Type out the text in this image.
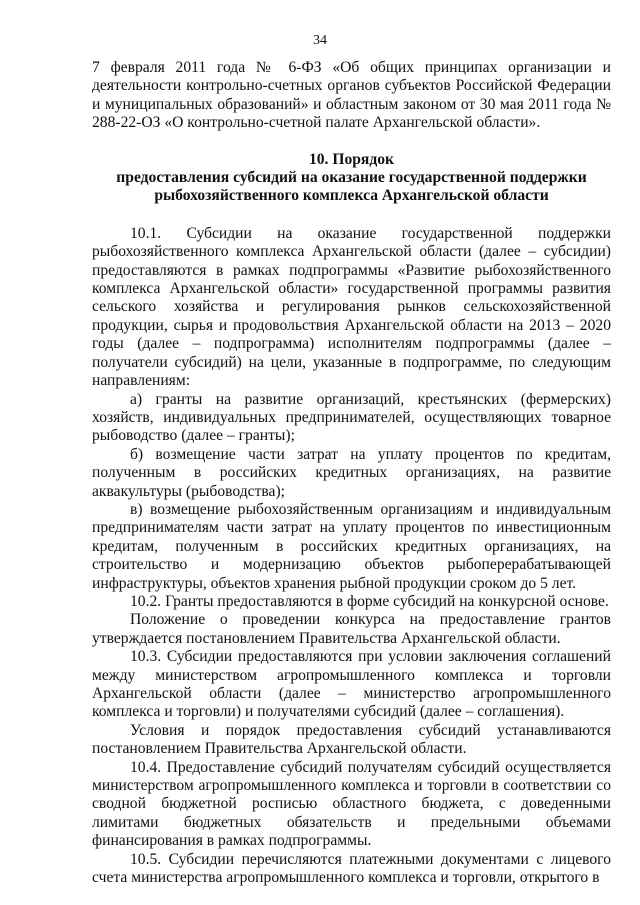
34

7 февраля 2011 года № 6-ФЗ «Об общих принципах организации и деятельности контрольно-счетных органов субъектов Российской Федерации и муниципальных образований» и областным законом от 30 мая 2011 года № 288-22-ОЗ «О контрольно-счетной палате Архангельской области».

10. Порядок

предоставления субсидий на оказание государственной поддержки

рыбохозяйственного комплекса Архангельской области

10.1. Субсидии на оказание государственной поддержки рыбохозяйственного комплекса Архангельской области (далее – субсидии) предоставляются в рамках подпрограммы «Развитие рыбохозяйственного комплекса Архангельской области» государственной программы развития сельского хозяйства и регулирования рынков сельскохозяйственной продукции, сырья и продовольствия Архангельской области на 2013 – 2020 годы (далее – подпрограмма) исполнителям подпрограммы (далее – получатели субсидий) на цели, указанные в подпрограмме, по следующим направлениям:

а) гранты на развитие организаций, крестьянских (фермерских) хозяйств, индивидуальных предпринимателей, осуществляющих товарное рыбоводство (далее – гранты);

б) возмещение части затрат на уплату процентов по кредитам, полученным в российских кредитных организациях, на развитие аквакультуры (рыбоводства);

в) возмещение рыбохозяйственным организациям и индивидуальным предпринимателям части затрат на уплату процентов по инвестиционным кредитам, полученным в российских кредитных организациях, на строительство и модернизацию объектов рыбоперерабатывающей инфраструктуры, объектов хранения рыбной продукции сроком до 5 лет.

10.2. Гранты предоставляются в форме субсидий на конкурсной основе.

Положение о проведении конкурса на предоставление грантов утверждается постановлением Правительства Архангельской области.

10.3. Субсидии предоставляются при условии заключения соглашений между министерством агропромышленного комплекса и торговли Архангельской области (далее – министерство агропромышленного комплекса и торговли) и получателями субсидий (далее – соглашения).

Условия и порядок предоставления субсидий устанавливаются постановлением Правительства Архангельской области.

10.4. Предоставление субсидий получателям субсидий осуществляется министерством агропромышленного комплекса и торговли в соответствии со сводной бюджетной росписью областного бюджета, с доведенными лимитами бюджетных обязательств и предельными объемами финансирования в рамках подпрограммы.

10.5. Субсидии перечисляются платежными документами с лицевого счета министерства агропромышленного комплекса и торговли, открытого в
